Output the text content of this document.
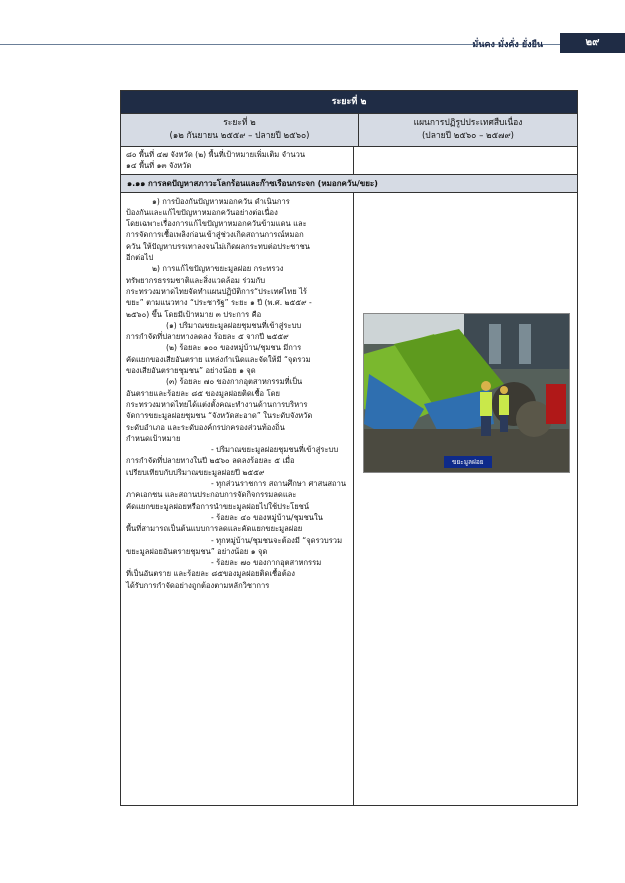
มั่นคง มั่งคั่ง ยั่งยืน	๒๙
ระยะที่ ๒
ระยะที่ ๒
(๑๒ กันยายน ๒๕๕๙ – ปลายปี ๒๕๖๐)
แผนการปฏิรูปประเทศสืบเนื่อง
(ปลายปี ๒๕๖๐ – ๒๕๗๙)
๘๐ พื้นที่ ๔๗ จังหวัด (๒) พื้นที่เป้าหมายเพิ่มเติม จำนวน
๑๔ พื้นที่ ๑๓ จังหวัด
๑.๑๑ การลดปัญหาสภาวะโลกร้อนและก๊าซเรือนกระจก (หมอกควัน/ขยะ)
๑) การป้องกันปัญหาหมอกควัน ดำเนินการ
ป้องกันและแก้ไขปัญหาหมอกควันอย่างต่อเนื่อง
โดยเฉพาะเรื่องการแก้ไขปัญหาหมอกควันข้ามแดน และ
การจัดการเชื้อเพลิงก่อนเข้าสู่ช่วงเกิดสถานการณ์หมอก
ควัน ให้ปัญหาบรรเทาลงจนไม่เกิดผลกระทบต่อประชาชน
อีกต่อไป
๒) การแก้ไขปัญหาขยะมูลฝอย กระทรวง
ทรัพยากรธรรมชาติและสิ่งแวดล้อม ร่วมกับ
กระทรวงมหาดไทยจัดทำแผนปฏิบัติการ“ประเทศไทย ไร้
ขยะ” ตามแนวทาง “ประชารัฐ” ระยะ ๑ ปี (พ.ศ. ๒๕๕๙ -
๒๕๖๐) ขึ้น โดยมีเป้าหมาย ๓ ประการ คือ
(๑) ปริมาณขยะมูลฝอยชุมชนที่เข้าสู่ระบบ
การกำจัดที่ปลายทางลดลง ร้อยละ ๕ จากปี ๒๕๕๙
(๒) ร้อยละ ๑๐๐ ของหมู่บ้าน/ชุมชน มีการ
คัดแยกของเสียอันตราย แหล่งกำเนิดและจัดให้มี “จุดรวม
ของเสียอันตรายชุมชน” อย่างน้อย ๑ จุด
(๓) ร้อยละ ๗๐ ของกากอุตสาหกรรมที่เป็น
อันตรายและร้อยละ ๘๕ ของมูลฝอยติดเชื้อ โดย
กระทรวงมหาดไทยได้แต่งตั้งคณะทำงานด้านการบริหาร
จัดการขยะมูลฝอยชุมชน “จังหวัดสะอาด” ในระดับจังหวัด
ระดับอำเภอ และระดับองค์กรปกครองส่วนท้องถิ่น
กำหนดเป้าหมาย
- ปริมาณขยะมูลฝอยชุมชนที่เข้าสู่ระบบ
การกำจัดที่ปลายทางในปี ๒๕๖๐ ลดลงร้อยละ ๕ เมื่อ
เปรียบเทียบกับปริมาณขยะมูลฝอยปี ๒๕๕๙
- ทุกส่วนราชการ สถานศึกษา ศาสนสถาน
ภาคเอกชน และสถานประกอบการจัดกิจกรรมลดและ
คัดแยกขยะมูลฝอยหรือการนำขยะมูลฝอยไปใช้ประโยชน์
- ร้อยละ ๔๐ ของหมู่บ้าน/ชุมชนใน
พื้นที่สามารถเป็นต้นแบบการลดและคัดแยกขยะมูลฝอย
- ทุกหมู่บ้าน/ชุมชนจะต้องมี “จุดรวบรวม
ขยะมูลฝอยอันตรายชุมชน” อย่างน้อย ๑ จุด
- ร้อยละ ๗๐ ของกากอุตสาหกรรม
ที่เป็นอันตราย และร้อยละ ๘๕ของมูลฝอยติดเชื้อต้อง
ได้รับการกำจัดอย่างถูกต้องตามหลักวิชาการ
ขยะมูลฝอย
